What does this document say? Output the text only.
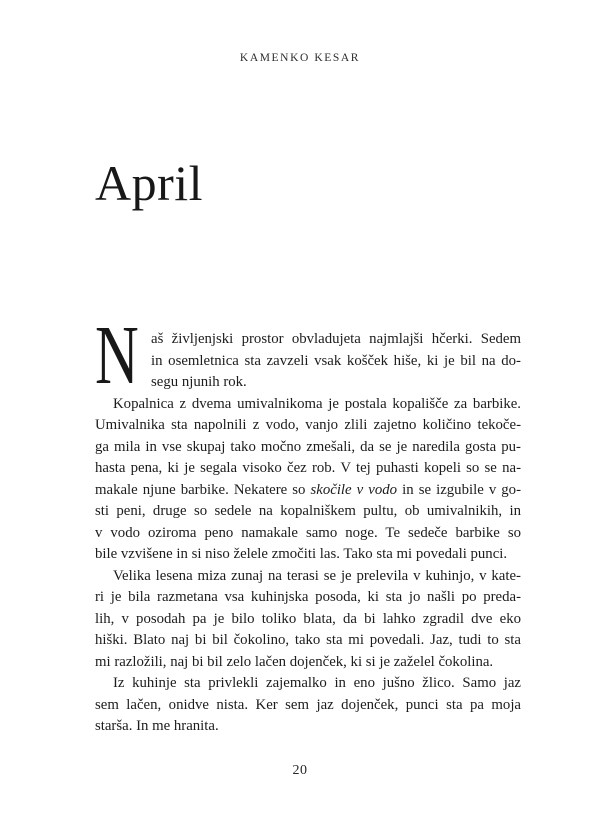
KAMENKO KESAR
April
N aš življenjski prostor obvladujeta najmlajši hčerki. Sedem
in osemletnica sta zavzeli vsak košček hiše, ki je bil na do-
segu njunih rok.
Kopalnica z dvema umivalnikoma je postala kopališče za barbike.
Umivalnika sta napolnili z vodo, vanjo zlili zajetno količino tekoče-
ga mila in vse skupaj tako močno zmešali, da se je naredila gosta pu-
hasta pena, ki je segala visoko čez rob. V tej puhasti kopeli so se na-
makale njune barbike. Nekatere so skočile v vodo in se izgubile v go-
sti peni, druge so sedele na kopalniškem pultu, ob umivalnikih, in
v vodo oziroma peno namakale samo noge. Te sedeče barbike so
bile vzvišene in si niso želele zmočiti las. Tako sta mi povedali punci.
Velika lesena miza zunaj na terasi se je prelevila v kuhinjo, v kate-
ri je bila razmetana vsa kuhinjska posoda, ki sta jo našli po preda-
lih, v posodah pa je bilo toliko blata, da bi lahko zgradil dve eko
hiški. Blato naj bi bil čokolino, tako sta mi povedali. Jaz, tudi to sta
mi razložili, naj bi bil zelo lačen dojenček, ki si je zaželel čokolina.
Iz kuhinje sta privlekli zajemalko in eno jušno žlico. Samo jaz
sem lačen, onidve nista. Ker sem jaz dojenček, punci sta pa moja
starša. In me hranita.
20
